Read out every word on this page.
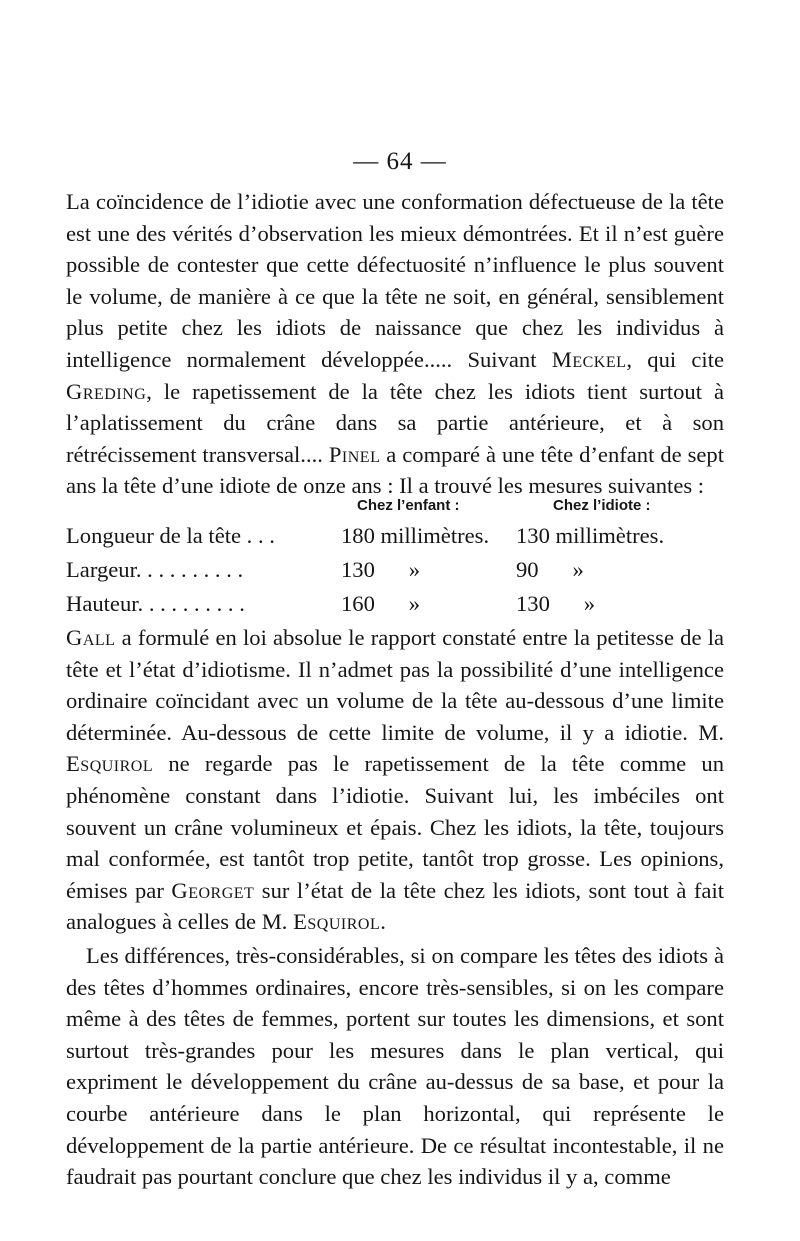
— 64 —

La coïncidence de l’idiotie avec une conformation défectueuse de la tête est une des vérités d’observation les mieux démontrées. Et il n’est guère possible de contester que cette défectuosité n’influence le plus souvent le volume, de manière à ce que la tête ne soit, en général, sensiblement plus petite chez les idiots de naissance que chez les individus à intelligence normalement développée..... Suivant Meckel, qui cite Greding, le rapetissement de la tête chez les idiots tient surtout à l’aplatissement du crâne dans sa partie antérieure, et à son rétrécissement transversal.... Pinel a comparé à une tête d’enfant de sept ans la tête d’une idiote de onze ans : Il a trouvé les mesures suivantes :

Chez l’enfant :	Chez l’idiote :
Longueur de la tête . . .	180 millimètres. 130 millimètres.
Largeur. . . . . . . . . .	130      »	90      »
Hauteur. . . . . . . . . .	160      »	130      »

Gall a formulé en loi absolue le rapport constaté entre la petitesse de la tête et l’état d’idiotisme. Il n’admet pas la possibilité d’une intelligence ordinaire coïncidant avec un volume de la tête au-dessous d’une limite déterminée. Au-dessous de cette limite de volume, il y a idiotie. M. Esquirol ne regarde pas le rapetissement de la tête comme un phénomène constant dans l’idiotie. Suivant lui, les imbéciles ont souvent un crâne volumineux et épais. Chez les idiots, la tête, toujours mal conformée, est tantôt trop petite, tantôt trop grosse. Les opinions, émises par Georget sur l’état de la tête chez les idiots, sont tout à fait analogues à celles de M. Esquirol.

Les différences, très-considérables, si on compare les têtes des idiots à des têtes d’hommes ordinaires, encore très-sensibles, si on les compare même à des têtes de femmes, portent sur toutes les dimensions, et sont surtout très-grandes pour les mesures dans le plan vertical, qui expriment le développement du crâne au-dessus de sa base, et pour la courbe antérieure dans le plan horizontal, qui représente le développement de la partie antérieure. De ce résultat incontestable, il ne faudrait pas pourtant conclure que chez les individus il y a, comme
